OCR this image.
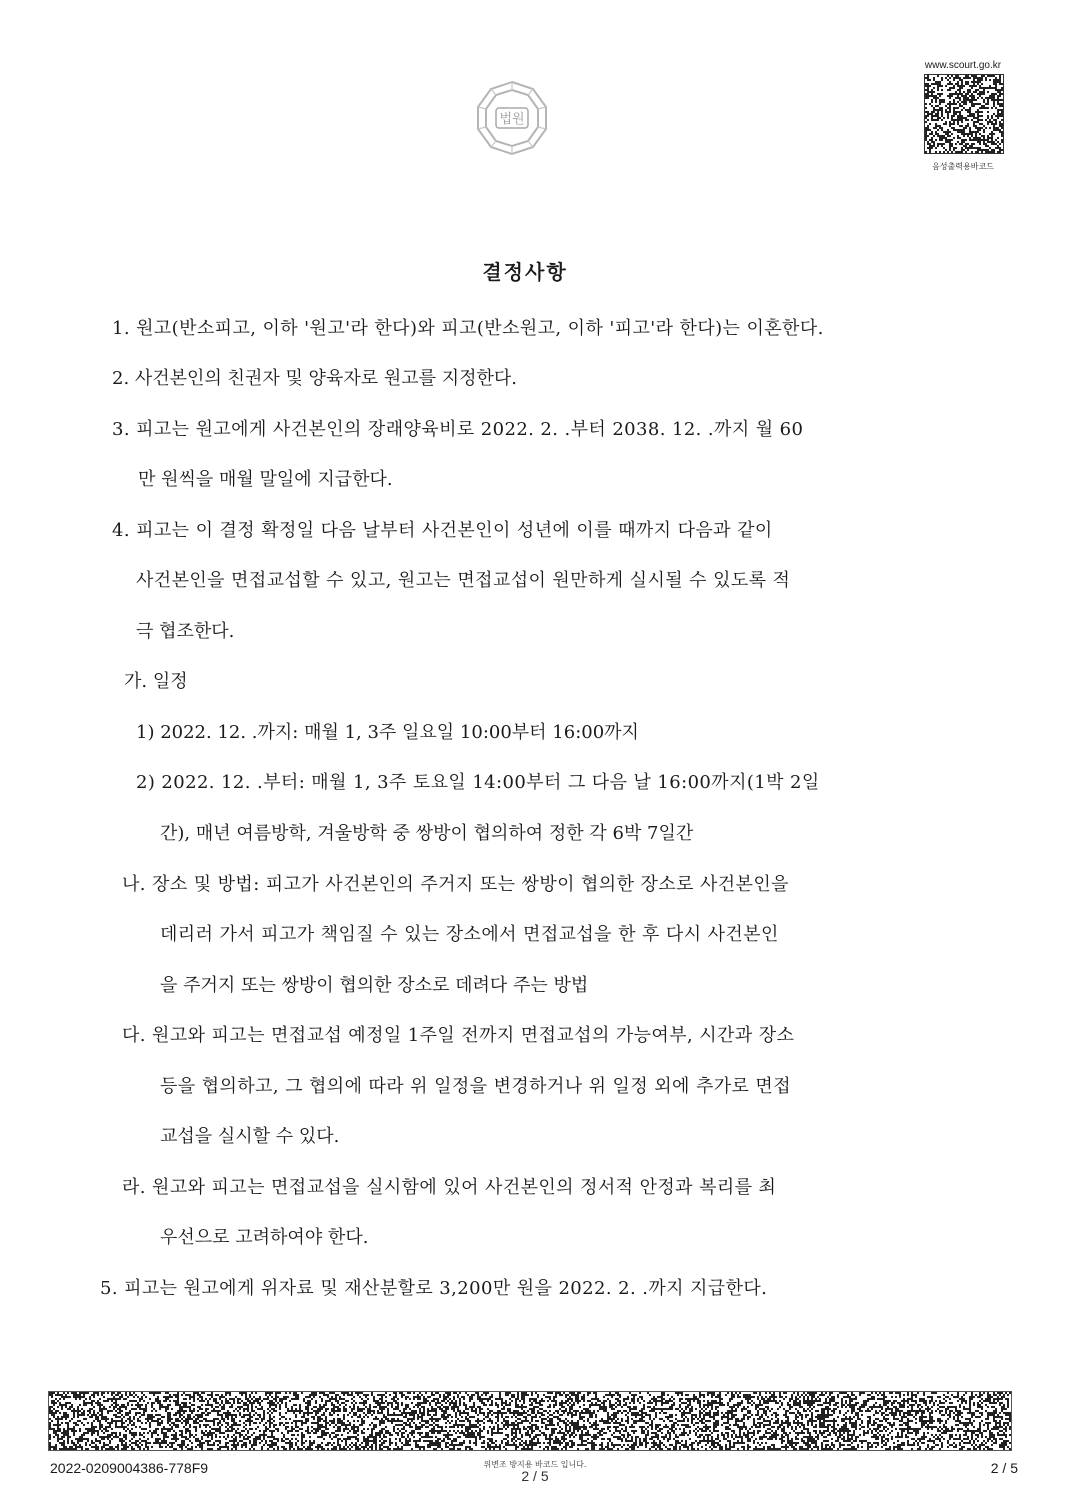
법원
www.scourt.go.kr
음성출력용바코드
결정사항
1. 원고(반소피고, 이하 '원고'라 한다)와 피고(반소원고, 이하 '피고'라 한다)는 이혼한다.
2. 사건본인의 친권자 및 양육자로 원고를 지정한다.
3. 피고는 원고에게 사건본인의 장래양육비로 2022. 2. .부터 2038. 12. .까지 월 60
만 원씩을 매월 말일에 지급한다.
4. 피고는 이 결정 확정일 다음 날부터 사건본인이 성년에 이를 때까지 다음과 같이
사건본인을 면접교섭할 수 있고, 원고는 면접교섭이 원만하게 실시될 수 있도록 적
극 협조한다.
가. 일정
1) 2022. 12. .까지: 매월 1, 3주 일요일 10:00부터 16:00까지
2) 2022. 12. .부터: 매월 1, 3주 토요일 14:00부터 그 다음 날 16:00까지(1박 2일
간), 매년 여름방학, 겨울방학 중 쌍방이 협의하여 정한 각 6박 7일간
나. 장소 및 방법: 피고가 사건본인의 주거지 또는 쌍방이 협의한 장소로 사건본인을
데리러 가서 피고가 책임질 수 있는 장소에서 면접교섭을 한 후 다시 사건본인
을 주거지 또는 쌍방이 협의한 장소로 데려다 주는 방법
다. 원고와 피고는 면접교섭 예정일 1주일 전까지 면접교섭의 가능여부, 시간과 장소
등을 협의하고, 그 협의에 따라 위 일정을 변경하거나 위 일정 외에 추가로 면접
교섭을 실시할 수 있다.
라. 원고와 피고는 면접교섭을 실시함에 있어 사건본인의 정서적 안정과 복리를 최
우선으로 고려하여야 한다.
5. 피고는 원고에게 위자료 및 재산분할로 3,200만 원을 2022. 2. .까지 지급한다.
2022-0209004386-778F9	위변조 방지용 바코드 입니다.
2 / 5	2 / 5
